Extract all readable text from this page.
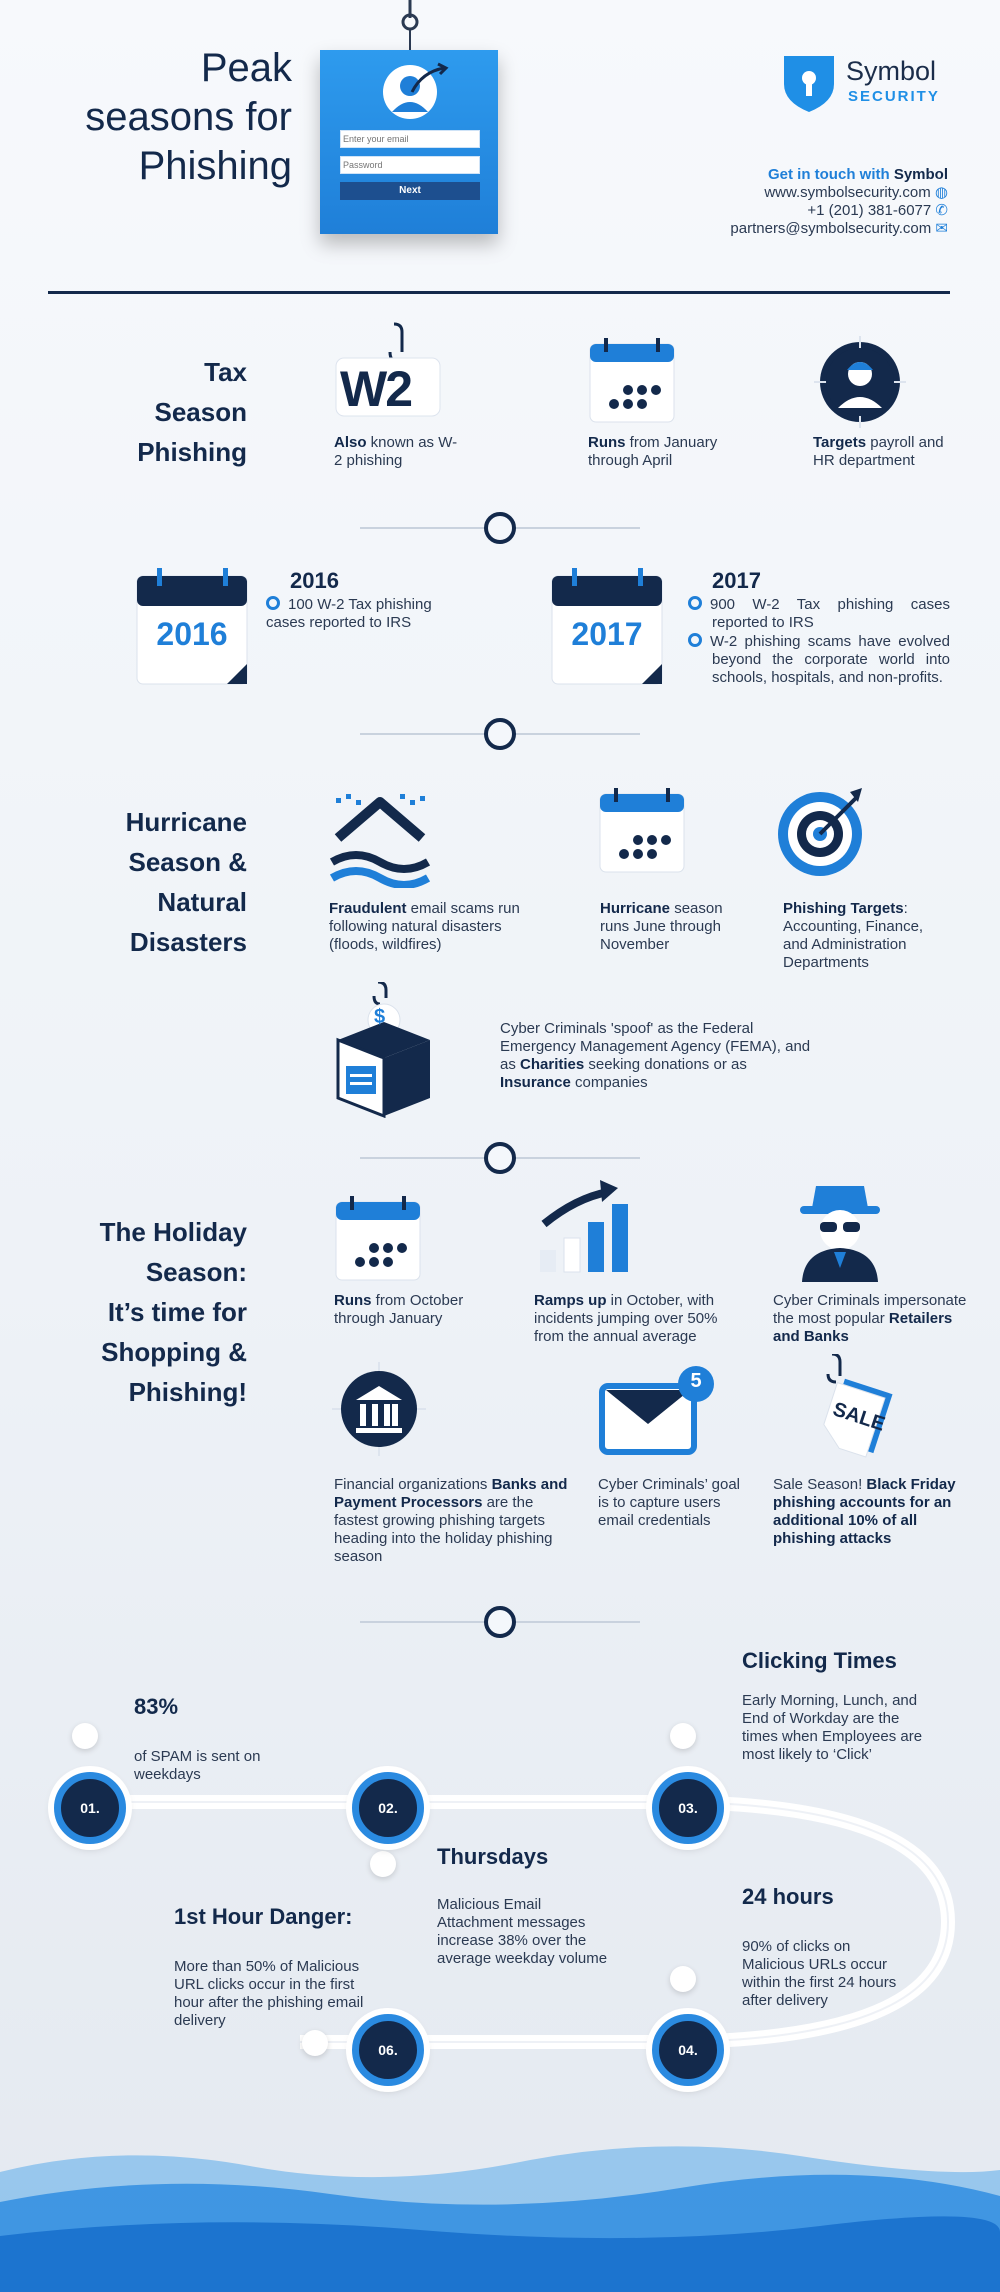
Peak
seasons for
Phishing
Enter your email
Password
Next
Symbol
SECURITY
Get in touch with Symbol
www.symbolsecurity.com ◍
+1 (201) 381-6077 ✆
partners@symbolsecurity.com ✉
Tax
Season
Phishing
W2
Also known as W-2 phishing
Runs from January through April
Targets payroll and HR department
2016
2016
100 W-2 Tax phishing cases reported to IRS	2017
2017
900 W-2 Tax phishing cases reported to IRS
W-2 phishing scams have evolved beyond the corporate world into schools, hospitals, and non-profits.
Hurricane
Season &
Natural
Disasters
Fraudulent email scams run following natural disasters (floods, wildfires)
Hurricane season runs June through November
Phishing Targets: Accounting, Finance, and Administration Departments
$
Cyber Criminals 'spoof' as the Federal Emergency Management Agency (FEMA), and as Charities seeking donations or as Insurance companies
The Holiday
Season:
It’s time for
Shopping &
Phishing!
Runs from October through January
Ramps up in October, with incidents jumping over 50% from the annual average
Cyber Criminals impersonate the most popular Retailers and Banks
Financial organizations Banks and Payment Processors are the fastest growing phishing targets heading into the holiday phishing season
5
Cyber Criminals’ goal is to capture users email credentials
SALE
Sale Season! Black Friday phishing accounts for an additional 10% of all phishing attacks
01.
83%
of SPAM is sent on weekdays
02.
Thursdays
Malicious Email Attachment messages increase 38% over the average weekday volume
03.
Clicking Times
Early Morning, Lunch, and End of Workday are the times when Employees are most likely to ‘Click’
24 hours
90% of clicks on Malicious URLs occur within the first 24 hours after delivery
04.
1st Hour Danger:
More than 50% of Malicious URL clicks occur in the first hour after the phishing email delivery
06.
